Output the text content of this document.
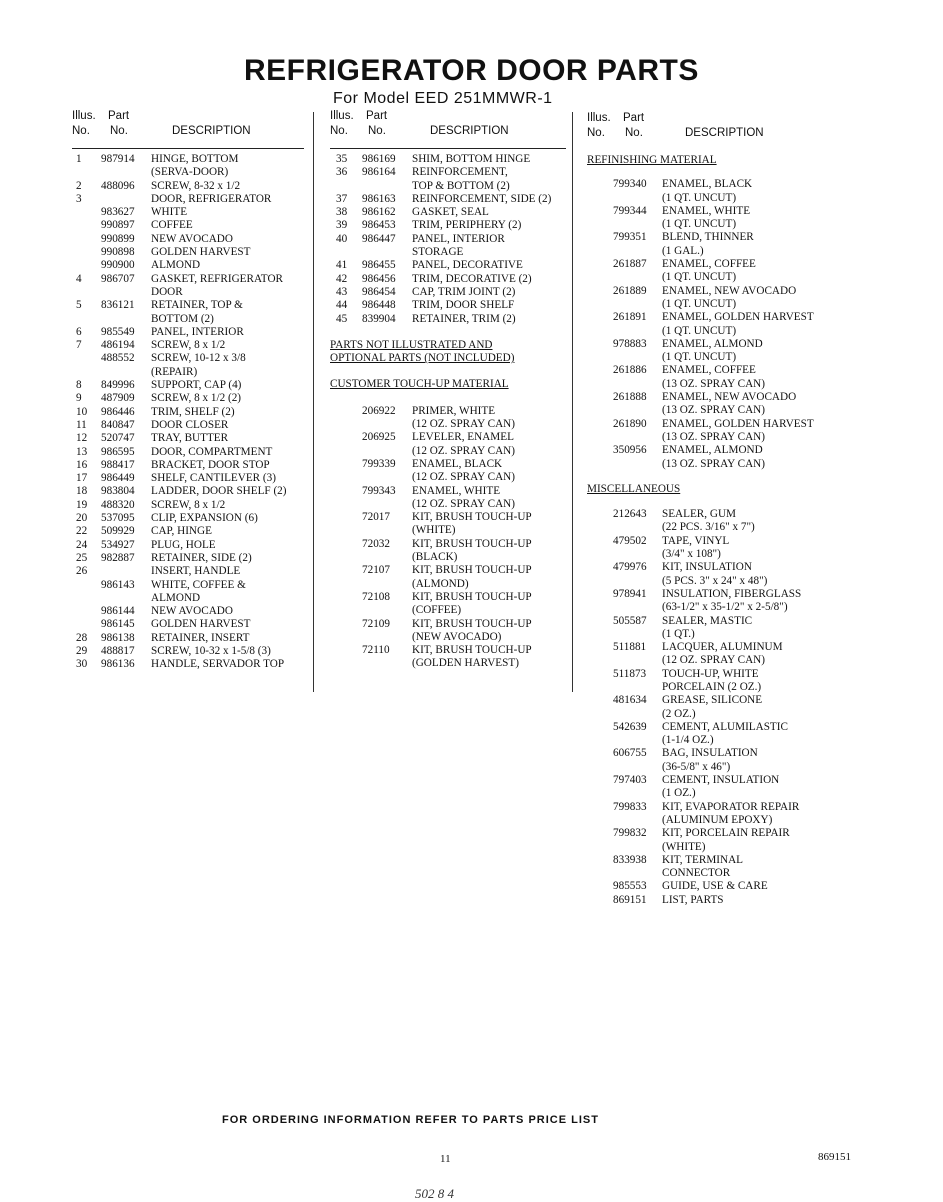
REFRIGERATOR DOOR PARTS
For Model EED 251MMWR-1
Illus. Part
No. No.	DESCRIPTION
1 987914 HINGE, BOTTOM
(SERVA-DOOR)
2 488096 SCREW, 8-32 x 1/2
3	DOOR, REFRIGERATOR
983627 WHITE
990897 COFFEE
990899 NEW AVOCADO
990898 GOLDEN HARVEST
990900 ALMOND
4 986707 GASKET, REFRIGERATOR
DOOR
5 836121 RETAINER, TOP &
BOTTOM (2)
6 985549 PANEL, INTERIOR
7 486194 SCREW, 8 x 1/2
488552 SCREW, 10-12 x 3/8
(REPAIR)
8 849996 SUPPORT, CAP (4)
9 487909 SCREW, 8 x 1/2 (2)
10 986446 TRIM, SHELF (2)
11 840847 DOOR CLOSER
12 520747 TRAY, BUTTER
13 986595 DOOR, COMPARTMENT
16 988417 BRACKET, DOOR STOP
17 986449 SHELF, CANTILEVER (3)
18 983804 LADDER, DOOR SHELF (2)
19 488320 SCREW, 8 x 1/2
20 537095 CLIP, EXPANSION (6)
22 509929 CAP, HINGE
24 534927 PLUG, HOLE
25 982887 RETAINER, SIDE (2)
26	INSERT, HANDLE
986143 WHITE, COFFEE &
ALMOND
986144 NEW AVOCADO
986145 GOLDEN HARVEST
28 986138 RETAINER, INSERT
29 488817 SCREW, 10-32 x 1-5/8 (3)
30 986136 HANDLE, SERVADOR TOP
Illus. Part
No. No.	DESCRIPTION
35 986169 SHIM, BOTTOM HINGE
36 986164 REINFORCEMENT,
TOP & BOTTOM (2)
37 986163 REINFORCEMENT, SIDE (2)
38 986162 GASKET, SEAL
39 986453 TRIM, PERIPHERY (2)
40 986447 PANEL, INTERIOR
STORAGE
41 986455 PANEL, DECORATIVE
42 986456 TRIM, DECORATIVE (2)
43 986454 CAP, TRIM JOINT (2)
44 986448 TRIM, DOOR SHELF
45 839904 RETAINER, TRIM (2)
PARTS NOT ILLUSTRATED AND
OPTIONAL PARTS (NOT INCLUDED)
CUSTOMER TOUCH-UP MATERIAL
206922 PRIMER, WHITE
(12 OZ. SPRAY CAN)
206925 LEVELER, ENAMEL
(12 OZ. SPRAY CAN)
799339 ENAMEL, BLACK
(12 OZ. SPRAY CAN)
799343 ENAMEL, WHITE
(12 OZ. SPRAY CAN)
72017 KIT, BRUSH TOUCH-UP
(WHITE)
72032 KIT, BRUSH TOUCH-UP
(BLACK)
72107 KIT, BRUSH TOUCH-UP
(ALMOND)
72108 KIT, BRUSH TOUCH-UP
(COFFEE)
72109 KIT, BRUSH TOUCH-UP
(NEW AVOCADO)
72110 KIT, BRUSH TOUCH-UP
(GOLDEN HARVEST)
Illus. Part
No. No.	DESCRIPTION
REFINISHING MATERIAL
799340 ENAMEL, BLACK
(1 QT. UNCUT)
799344 ENAMEL, WHITE
(1 QT. UNCUT)
799351 BLEND, THINNER
(1 GAL.)
261887 ENAMEL, COFFEE
(1 QT. UNCUT)
261889 ENAMEL, NEW AVOCADO
(1 QT. UNCUT)
261891 ENAMEL, GOLDEN HARVEST
(1 QT. UNCUT)
978883 ENAMEL, ALMOND
(1 QT. UNCUT)
261886 ENAMEL, COFFEE
(13 OZ. SPRAY CAN)
261888 ENAMEL, NEW AVOCADO
(13 OZ. SPRAY CAN)
261890 ENAMEL, GOLDEN HARVEST
(13 OZ. SPRAY CAN)
350956 ENAMEL, ALMOND
(13 OZ. SPRAY CAN)
MISCELLANEOUS
212643 SEALER, GUM
(22 PCS. 3/16" x 7")
479502 TAPE, VINYL
(3/4" x 108")
479976 KIT, INSULATION
(5 PCS. 3" x 24" x 48")
978941 INSULATION, FIBERGLASS
(63-1/2" x 35-1/2" x 2-5/8")
505587 SEALER, MASTIC
(1 QT.)
511881 LACQUER, ALUMINUM
(12 OZ. SPRAY CAN)
511873 TOUCH-UP, WHITE
PORCELAIN (2 OZ.)
481634 GREASE, SILICONE
(2 OZ.)
542639 CEMENT, ALUMILASTIC
(1-1/4 OZ.)
606755 BAG, INSULATION
(36-5/8" x 46")
797403 CEMENT, INSULATION
(1 OZ.)
799833 KIT, EVAPORATOR REPAIR
(ALUMINUM EPOXY)
799832 KIT, PORCELAIN REPAIR
(WHITE)
833938 KIT, TERMINAL
CONNECTOR
985553 GUIDE, USE & CARE
869151 LIST, PARTS
FOR ORDERING INFORMATION REFER TO PARTS PRICE LIST
11	869151
502 8 4
